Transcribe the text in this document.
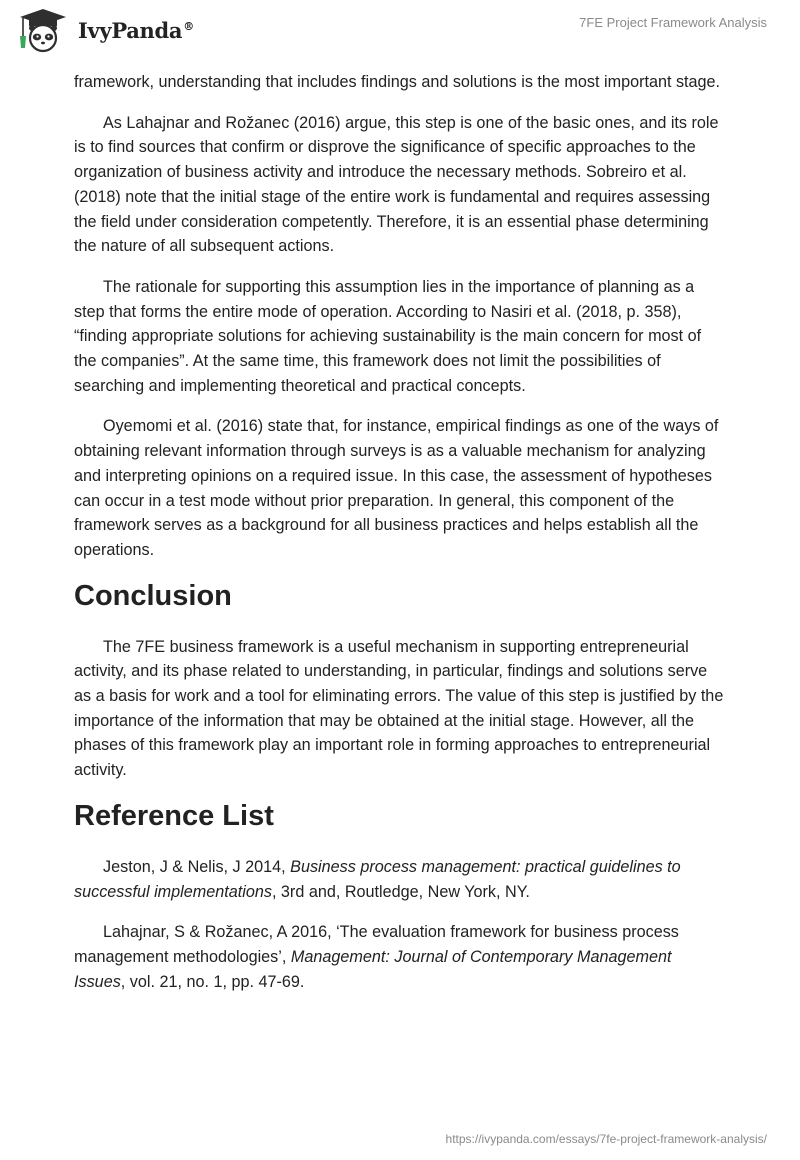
IvyPanda®	7FE Project Framework Analysis

framework, understanding that includes findings and solutions is the most important stage.

As Lahajnar and Rožanec (2016) argue, this step is one of the basic ones, and its role is to find sources that confirm or disprove the significance of specific approaches to the organization of business activity and introduce the necessary methods. Sobreiro et al. (2018) note that the initial stage of the entire work is fundamental and requires assessing the field under consideration competently. Therefore, it is an essential phase determining the nature of all subsequent actions.

The rationale for supporting this assumption lies in the importance of planning as a step that forms the entire mode of operation. According to Nasiri et al. (2018, p. 358), “finding appropriate solutions for achieving sustainability is the main concern for most of the companies”. At the same time, this framework does not limit the possibilities of searching and implementing theoretical and practical concepts.

Oyemomi et al. (2016) state that, for instance, empirical findings as one of the ways of obtaining relevant information through surveys is as a valuable mechanism for analyzing and interpreting opinions on a required issue. In this case, the assessment of hypotheses can occur in a test mode without prior preparation. In general, this component of the framework serves as a background for all business practices and helps establish all the operations.

Conclusion

The 7FE business framework is a useful mechanism in supporting entrepreneurial activity, and its phase related to understanding, in particular, findings and solutions serve as a basis for work and a tool for eliminating errors. The value of this step is justified by the importance of the information that may be obtained at the initial stage. However, all the phases of this framework play an important role in forming approaches to entrepreneurial activity.

Reference List

Jeston, J & Nelis, J 2014, Business process management: practical guidelines to successful implementations, 3rd and, Routledge, New York, NY.

Lahajnar, S & Rožanec, A 2016, ‘The evaluation framework for business process management methodologies’, Management: Journal of Contemporary Management Issues, vol. 21, no. 1, pp. 47-69.

https://ivypanda.com/essays/7fe-project-framework-analysis/
